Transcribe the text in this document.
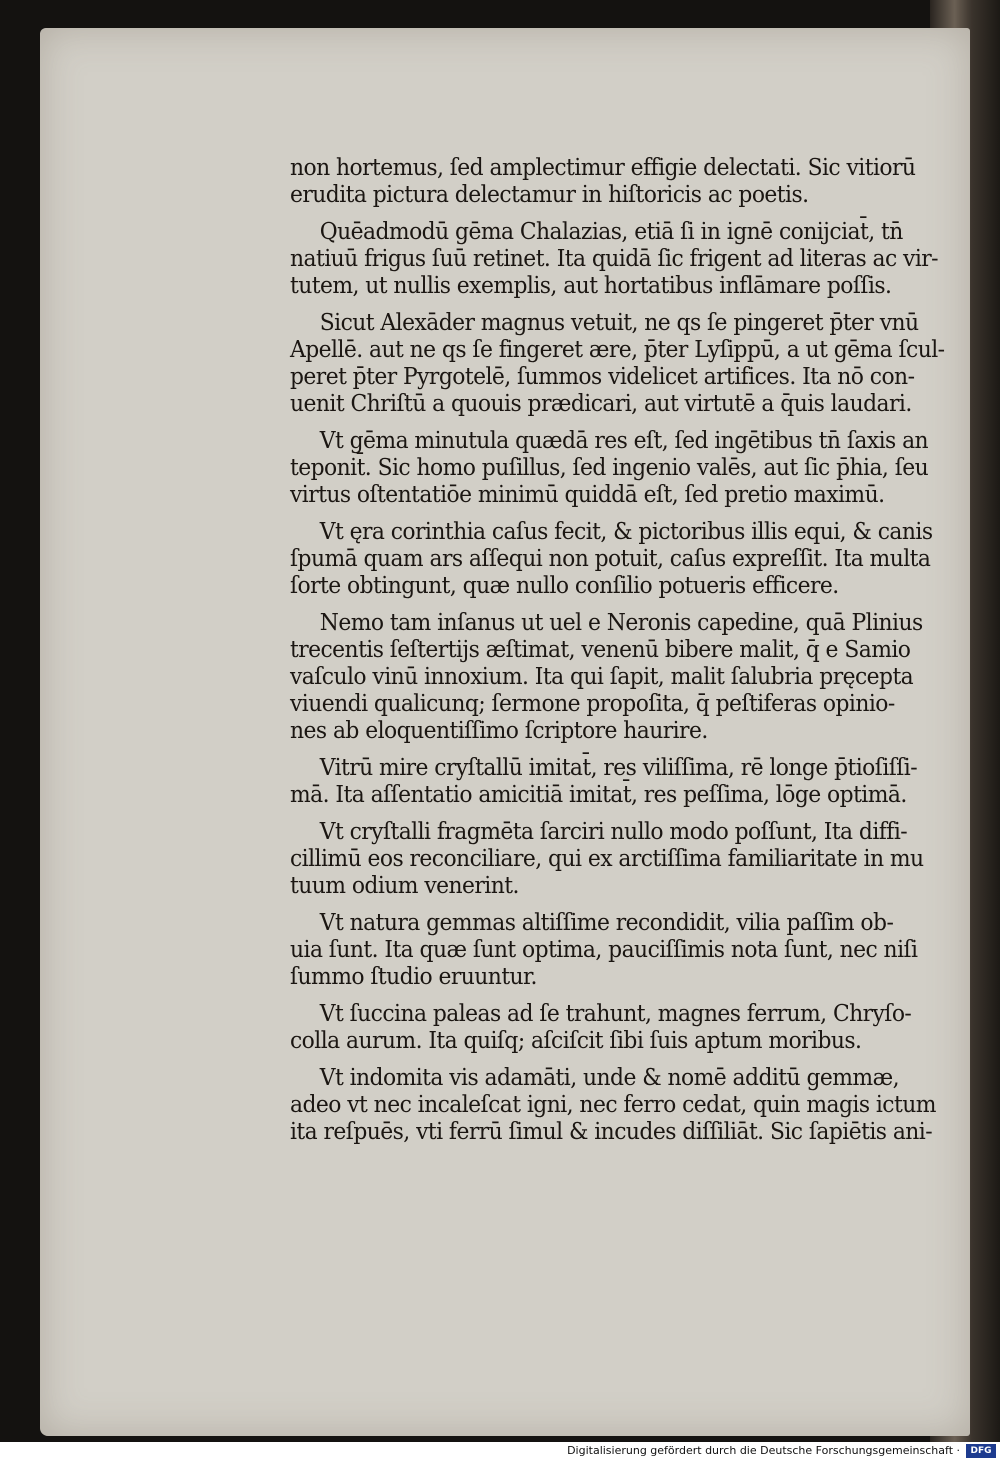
non hortemus, ſed amplectimur effigie delectati. Sic vitiorū
erudita pictura delectamur in hiſtoricis ac poetis.
Quēadmodū gēma Chalazias, etiā ſi in ignē conijciat̄, tn̄
natiuū frigus ſuū retinet. Ita quidā ſic frigent ad literas ac vir-
tutem, ut nullis exemplis, aut hortatibus inflāmare poſſis.
Sicut Alexāder magnus vetuit, ne qs ſe pingeret p̄ter vnū
Apellē. aut ne qs ſe fingeret ære, p̄ter Lyſippū, a ut gēma ſcul-
peret p̄ter Pyrgotelē, ſummos videlicet artifices. Ita nō con-
uenit Chriſtū a quouis prædicari, aut virtutē a q̄uis laudari.
Vt gēma minutula quædā res eſt, ſed ingētibus tn̄ ſaxis an
teponit̄. Sic homo puſillus, ſed ingenio valēs, aut ſic p̄hia, ſeu
virtus oſtentatiōe minimū quiddā eſt, ſed pretio maximū.
Vt ęra corinthia caſus fecit, & pictoribus illis equi, & canis
ſpumā quam ars aſſequi non potuit, caſus expreſſit. Ita multa
ſorte obtingunt, quæ nullo conſilio potueris efficere.
Nemo tam inſanus ut uel e Neronis capedine, quā Plinius
trecentis ſeſtertijs æſtimat, venenū bibere malit, q̄ e Samio
vaſculo vinū innoxium. Ita qui ſapit, malit ſalubria pręcepta
viuendi qualicunq; ſermone propoſita, q̄ peſtiferas opinio-
nes ab eloquentiſſimo ſcriptore haurire.
Vitrū mire cryſtallū imitat̄, res viliſſima, rē longe p̄tioſiſſi-
mā. Ita aſſentatio amicitiā imitat̄, res peſſima, lōge optimā.
Vt cryſtalli fragmēta ſarciri nullo modo poſſunt, Ita diffi-
cillimū eos reconciliare, qui ex arctiſſima familiaritate in mu
tuum odium venerint.
Vt natura gemmas altiſſime recondidit, vilia paſſim ob-
uia ſunt. Ita quæ ſunt optima, pauciſſimis nota ſunt, nec niſi
ſummo ſtudio eruuntur.
Vt ſuccina paleas ad ſe trahunt, magnes ferrum, Chryſo-
colla aurum. Ita quiſq; aſciſcit ſibi ſuis aptum moribus.
Vt indomita vis adamāti, unde & nomē additū gemmæ,
adeo vt nec incaleſcat igni, nec ferro cedat, quin magis ictum
ita reſpuēs, vti ferrū ſimul & incudes diſſiliāt. Sic ſapiētis ani-
Digitalisierung gefördert durch die Deutsche Forschungsgemeinschaft ·	DFG
